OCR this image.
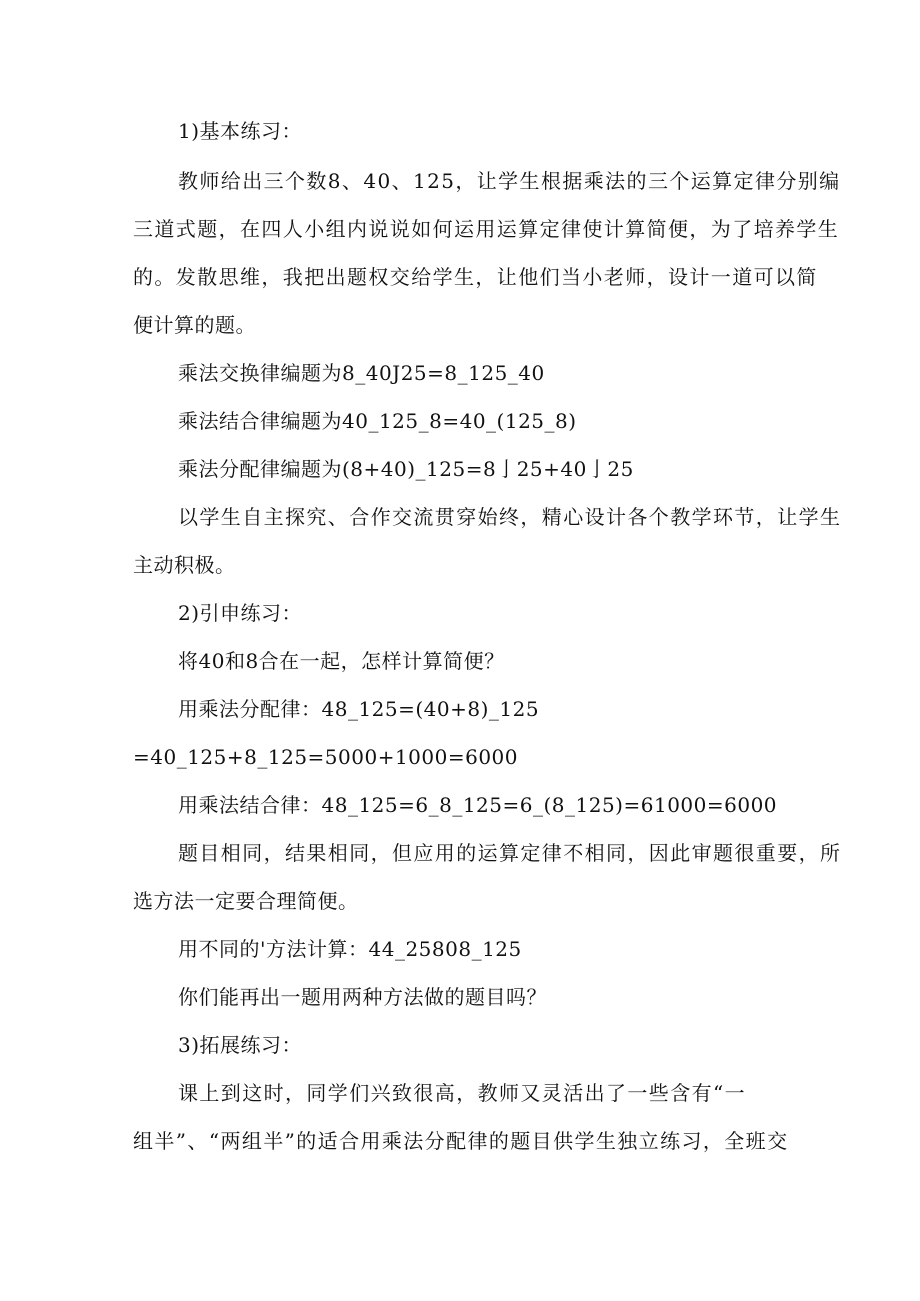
1)基本练习：
教师给出三个数8、40、125，让学生根据乘法的三个运算定律分别编
三道式题，在四人小组内说说如何运用运算定律使计算简便，为了培养学生
的。发散思维，我把出题权交给学生，让他们当小老师，设计一道可以简
便计算的题。
乘法交换律编题为8_40J25=8_125_40
乘法结合律编题为40_125_8=40_(125_8)
乘法分配律编题为(8+40)_125=8亅25+40亅25
以学生自主探究、合作交流贯穿始终，精心设计各个教学环节，让学生
主动积极。
2)引申练习：
将40和8合在一起，怎样计算简便？
用乘法分配律：48_125=(40+8)_125
=40_125+8_125=5000+1000=6000
用乘法结合律：48_125=6_8_125=6_(8_125)=61000=6000
题目相同，结果相同，但应用的运算定律不相同，因此审题很重要，所
选方法一定要合理简便。
用不同的'方法计算：44_25808_125
你们能再出一题用两种方法做的题目吗？
3)拓展练习：
课上到这时，同学们兴致很高，教师又灵活出了一些含有“一
组半”、“两组半”的适合用乘法分配律的题目供学生独立练习，全班交
